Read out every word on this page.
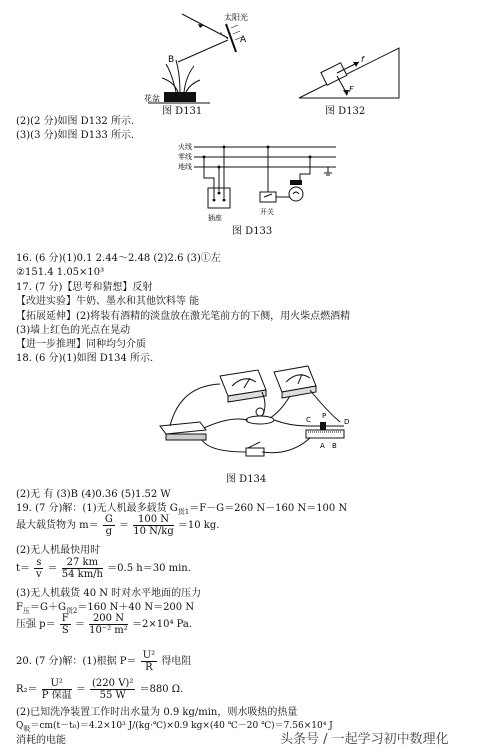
太阳光
A
B
花盆
图 D131
f
F
图 D132
(2)(2 分)如图 D132 所示.
(3)(3 分)如图 D133 所示.
火线
零线
地线
插座
开关
图 D133
16. (6 分)(1)0.1 2.44～2.48 (2)2.6 (3)①左
②151.4 1.05×10³
17. (7 分)【思考和猜想】反射
【改进实验】牛奶、墨水和其他饮料等 能
【拓展延伸】(2)将装有酒精的淡盘放在激光笔前方的下侧，用火柴点燃酒精
(3)墙上红色的光点在晃动
【进一步推理】同种均匀介质
18. (6 分)(1)如图 D134 所示.
C P
D
A B
图 D134
(2)无 有 (3)B (4)0.36 (5)1.52 W
19. (7 分)解：(1)无人机最多载货 $G_{货1}=F-G=260$ N－160 N＝100 N
最大载货物为 $m= \frac{G}{g} = \frac{100 N}{10 N/kg} =10$ kg.
(2)无人机最快用时
$t= \frac{s}{v} = \frac{27 km}{54 km/h} =0.5$ h＝30 min.
(3)无人机载货 40 N 时对水平地面的压力
$F_压=G+G_{货2}=160$ N＋40 N＝200 N
压强 $p= \frac{F}{S} = \frac{200 N}{\text{10⁻² m²}} =2\times 10^4$ Pa.
20. (7 分)解：(1)根据 $P= \frac{\text{U²}}{R}$ 得电阻
$R_2= \frac{\text{U²}}{\text{P 保温}} = \frac{\text{(220 V)²}}{55 W} =880$ Ω.
(2)已知洗净装置工作时出水量为 0.9 kg/min，则水吸热的热量
$Q_吸=cm(t-t_0)=4.2\times 10^3$ J/(kg·℃)×0.9 kg×(40 ℃－20 ℃)＝7.56×10⁴ J
消耗的电能	头条号 / 一起学习初中数理化
